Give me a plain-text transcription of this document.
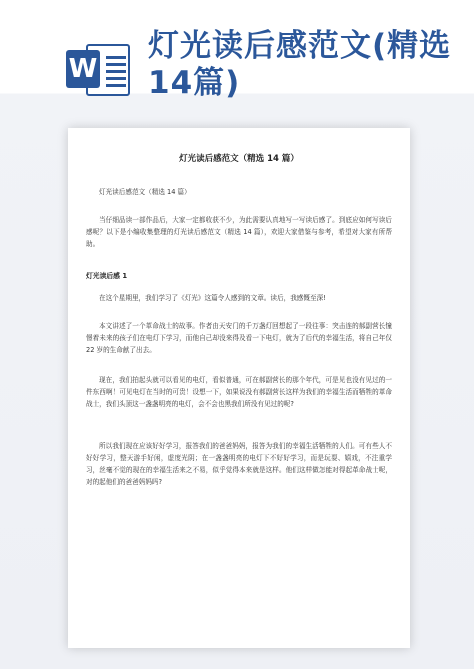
W
灯光读后感范文(精选14篇)
灯光读后感范文（精选 14 篇）
灯光读后感范文（精选 14 篇）
当仔细品读一部作品后，大家一定都收获不少，为此需要认真地写一写读后感了。到底应如何写读后感呢？以下是小编收集整理的灯光读后感范文（精选 14 篇），欢迎大家借鉴与参考，希望对大家有所帮助。
灯光读后感 1
在这个星期里，我们学习了《灯光》这篇令人感到的文章。读后，我感慨至深!
本文讲述了一个革命战士的故事。作者由天安门的千万盏灯回想起了一段往事：突击连的郝副营长憧憬着未来的孩子们在电灯下学习，而他自己却没来得及看一下电灯，就为了后代的幸福生活，将自己年仅 22 岁的生命献了出去。
现在，我们拍起头就可以看见的电灯，看似普通，可在郝副营长的那个年代，可是见也没有见过的一件东西啊！可见电灯在当时的可贵！设想一下，如果说没有郝副营长这样为我们的幸福生活而牺牲的革命战士，我们头顶这一盏盏明亮的电灯，会不会也黑我们所没有见过的呢?
所以我们现在应该好好学习，报答我们的爸爸妈妈，报答为我们的幸福生活牺牲的人们。可有些人不好好学习，整天游手好闲，虚度光阴；在一盏盏明亮的电灯下不好好学习，而是玩耍、嬉戏，不注重学习，丝毫不觉的现在的幸福生活来之不易，似乎觉得本来就是这样。他们这样做怎能对得起革命战士呢，对的起他们的爸爸妈妈吗?
